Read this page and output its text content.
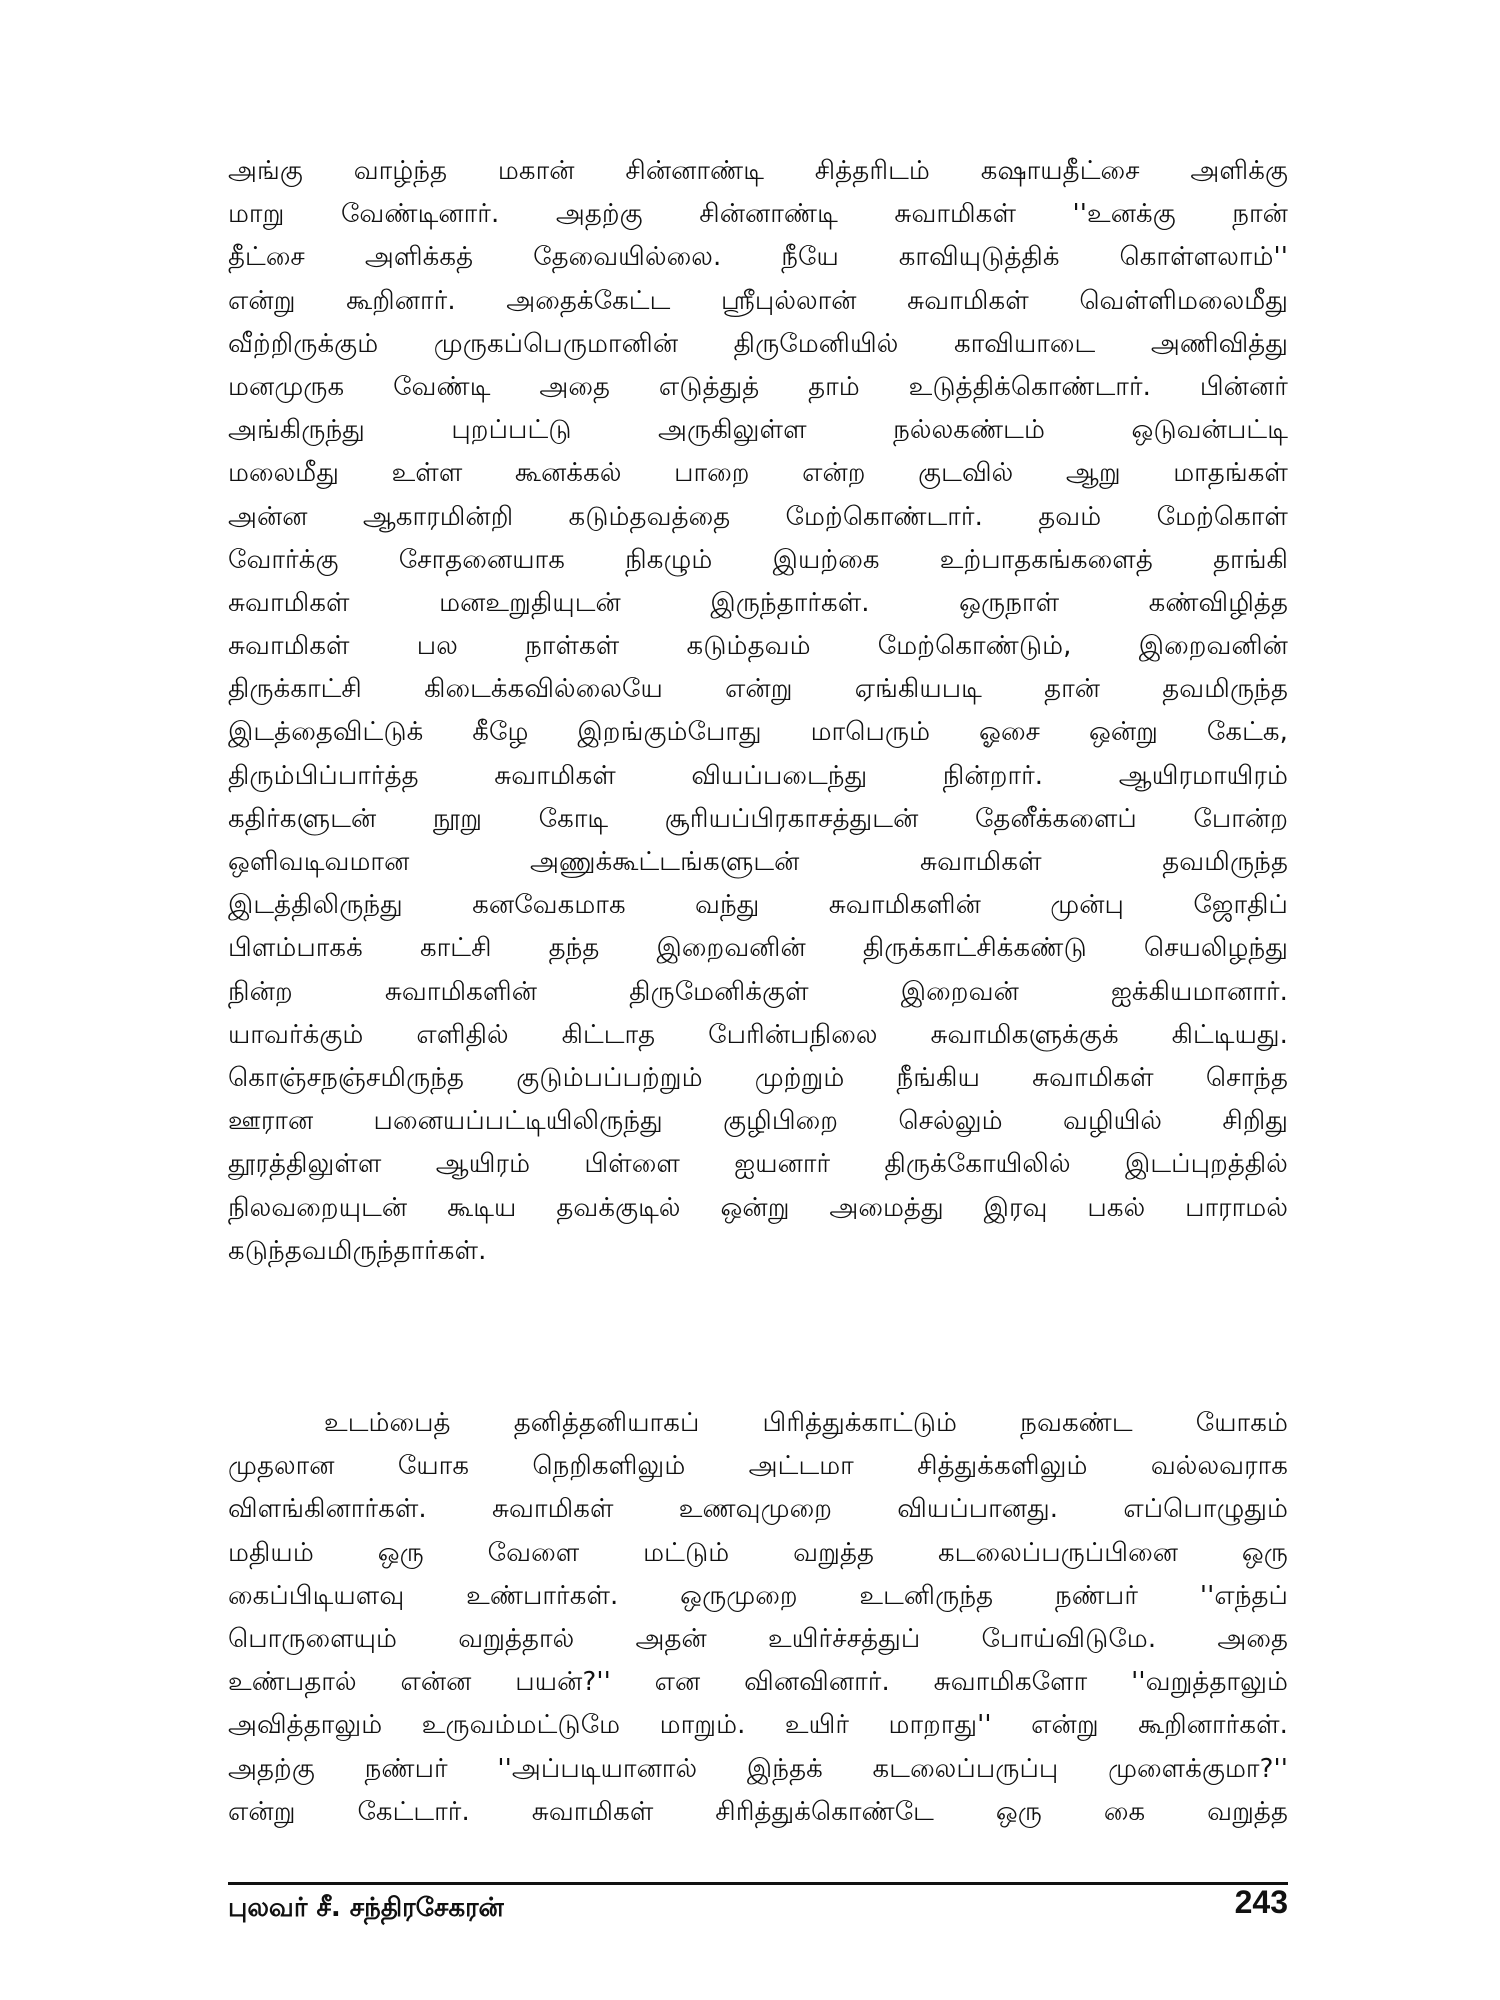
அங்கு வாழ்ந்த மகான் சின்னாண்டி சித்தரிடம் கஷாயதீட்சை அளிக்கு
மாறு வேண்டினார். அதற்கு சின்னாண்டி சுவாமிகள் ''உனக்கு நான்
தீட்சை அளிக்கத் தேவையில்லை. நீயே காவியுடுத்திக் கொள்ளலாம்''
என்று கூறினார். அதைக்கேட்ட ஸ்ரீபுல்லான் சுவாமிகள் வெள்ளிமலைமீது
வீற்றிருக்கும் முருகப்பெருமானின் திருமேனியில் காவியாடை அணிவித்து
மனமுருக வேண்டி அதை எடுத்துத் தாம் உடுத்திக்கொண்டார். பின்னர்
அங்கிருந்து புறப்பட்டு அருகிலுள்ள நல்லகண்டம் ஒடுவன்பட்டி
மலைமீது உள்ள கூனக்கல் பாறை என்ற குடவில் ஆறு மாதங்கள்
அன்ன ஆகாரமின்றி கடும்தவத்தை மேற்கொண்டார். தவம் மேற்கொள்
வோர்க்கு சோதனையாக நிகழும் இயற்கை உற்பாதகங்களைத் தாங்கி
சுவாமிகள் மனஉறுதியுடன் இருந்தார்கள். ஒருநாள் கண்விழித்த
சுவாமிகள் பல நாள்கள் கடும்தவம் மேற்கொண்டும், இறைவனின்
திருக்காட்சி கிடைக்கவில்லையே என்று ஏங்கியபடி தான் தவமிருந்த
இடத்தைவிட்டுக் கீழே இறங்கும்போது மாபெரும் ஓசை ஒன்று கேட்க,
திரும்பிப்பார்த்த சுவாமிகள் வியப்படைந்து நின்றார். ஆயிரமாயிரம்
கதிர்களுடன் நூறு கோடி சூரியப்பிரகாசத்துடன் தேனீக்களைப் போன்ற
ஒளிவடிவமான அணுக்கூட்டங்களுடன் சுவாமிகள் தவமிருந்த
இடத்திலிருந்து கனவேகமாக வந்து சுவாமிகளின் முன்பு ஜோதிப்
பிளம்பாகக் காட்சி தந்த இறைவனின் திருக்காட்சிக்கண்டு செயலிழந்து
நின்ற சுவாமிகளின் திருமேனிக்குள் இறைவன் ஐக்கியமானார்.
யாவர்க்கும் எளிதில் கிட்டாத பேரின்பநிலை சுவாமிகளுக்குக் கிட்டியது.
கொஞ்சநஞ்சமிருந்த குடும்பப்பற்றும் முற்றும் நீங்கிய சுவாமிகள் சொந்த
ஊரான பனையப்பட்டியிலிருந்து குழிபிறை செல்லும் வழியில் சிறிது
தூரத்திலுள்ள ஆயிரம் பிள்ளை ஐயனார் திருக்கோயிலில் இடப்புறத்தில்
நிலவறையுடன் கூடிய தவக்குடில் ஒன்று அமைத்து இரவு பகல் பாராமல்
கடுந்தவமிருந்தார்கள்.
உடம்பைத் தனித்தனியாகப் பிரித்துக்காட்டும் நவகண்ட யோகம்
முதலான யோக நெறிகளிலும் அட்டமா சித்துக்களிலும் வல்லவராக
விளங்கினார்கள். சுவாமிகள் உணவுமுறை வியப்பானது. எப்பொழுதும்
மதியம் ஒரு வேளை மட்டும் வறுத்த கடலைப்பருப்பினை ஒரு
கைப்பிடியளவு உண்பார்கள். ஒருமுறை உடனிருந்த நண்பர் ''எந்தப்
பொருளையும் வறுத்தால் அதன் உயிர்ச்சத்துப் போய்விடுமே. அதை
உண்பதால் என்ன பயன்?'' என வினவினார். சுவாமிகளோ ''வறுத்தாலும்
அவித்தாலும் உருவம்மட்டுமே மாறும். உயிர் மாறாது'' என்று கூறினார்கள்.
அதற்கு நண்பர் ''அப்படியானால் இந்தக் கடலைப்பருப்பு முளைக்குமா?''
என்று கேட்டார். சுவாமிகள் சிரித்துக்கொண்டே ஒரு கை வறுத்த
புலவர் சீ. சந்திரசேகரன்	243
